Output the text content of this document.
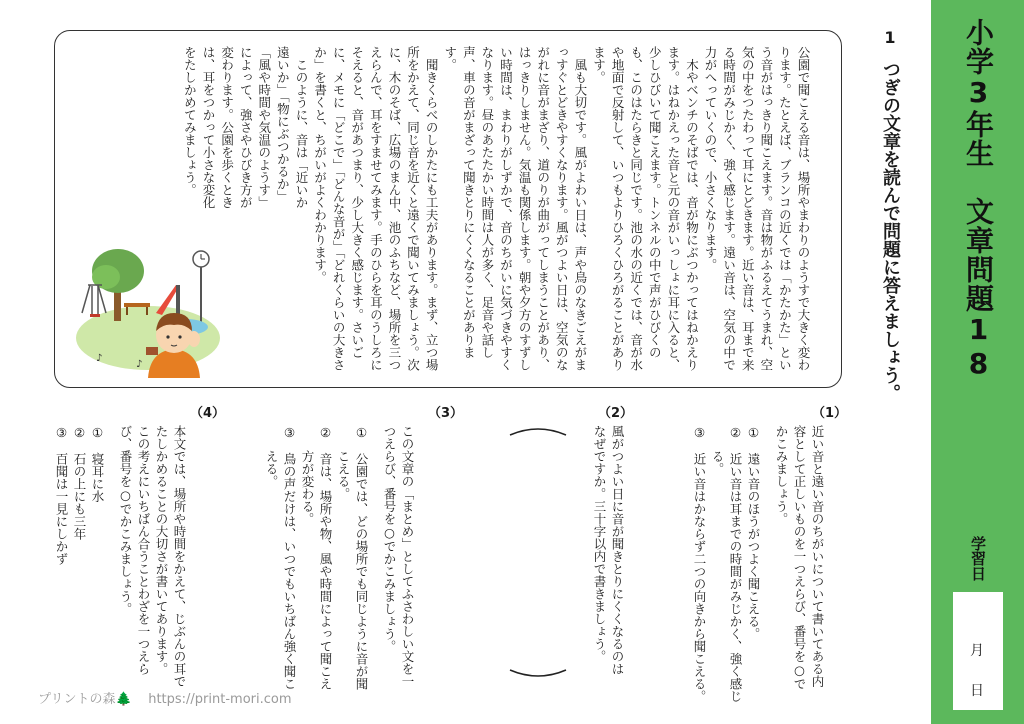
小学3年生　文章問題18
学習日
月
日
1
つぎの文章を読んで問題に答えましょう。
公園で聞こえる音は、場所やまわりのようすで大きく変わ
ります。たとえば、ブランコの近くでは「かたかた」とい
う音がはっきり聞こえます。音は物がふるえてうまれ、空
気の中をつたわって耳にとどきます。近い音は、耳まで来
る時間がみじかく、強く感じます。遠い音は、空気の中で
力がへっていくので、小さくなります。
　木やベンチのそばでは、音が物にぶつかってはねかえり
ます。はねかえった音と元の音がいっしょに耳に入ると、
少しひびいて聞こえます。トンネルの中で声がひびくの
も、このはたらきと同じです。池の水の近くでは、音が水
や地面で反射して、いつもよりひろくひろがることがあり
ます。
　風も大切です。風がよわい日は、声や鳥のなきごえがま
っすぐとどきやすくなります。風がつよい日は、空気のな
がれに音がまざり、道のりが曲がってしまうことがあり、
はっきりしません。気温も関係します。朝や夕方のすずし
い時間は、まわりがしずかで、音のちがいに気づきやすく
なります。昼のあたたかい時間は人が多く、足音や話し
声、車の音がまざって聞きとりにくくなることがありま
す。
　聞きくらべのしかたにも工夫があります。まず、立つ場
所をかえて、同じ音を近くと遠くで聞いてみましょう。次
に、木のそば、広場のまん中、池のふちなど、場所を三つ
えらんで、耳をすませてみます。手のひらを耳のうしろに
そえると、音があつまり、少し大きく感じます。さいご
に、メモに「どこで」「どんな音が」「どれくらいの大きさ
か」を書くと、ちがいがよくわかります。
　このように、音は「近いか
遠いか」「物にぶつかるか」
「風や時間や気温のようす」
によって、強さやひびき方が
変わります。公園を歩くとき
は、耳をつかって小さな変化
をたしかめてみましょう。
♪
♪
（1）
近い音と遠い音のちがいについて書いてある内
容として正しいものを一つえらび、番号を○で
かこみましょう。
①　遠い音のほうがつよく聞こえる。
②　近い音は耳までの時間がみじかく、強く感じ
　　る。
③　近い音はかならず二つの向きから聞こえる。
（2）
風がつよい日に音が聞きとりにくくなるのは
なぜですか。三十字以内で書きましょう。
（3）
この文章の「まとめ」としてふさわしい文を一
つえらび、番号を○でかこみましょう。
①　公園では、どの場所でも同じように音が聞
　　こえる。
②　音は、場所や物、風や時間によって聞こえ
　　方が変わる。
③　鳥の声だけは、いつでもいちばん強く聞こ
　　える。
（4）
本文では、場所や時間をかえて、じぶんの耳で
たしかめることの大切さが書いてあります。
この考えにいちばん合うことわざを一つえら
び、番号を○でかこみましょう。
①　寝耳に水
②　石の上にも三年
③　百聞は一見にしかず
プリントの森🌲 https://print-mori.com
